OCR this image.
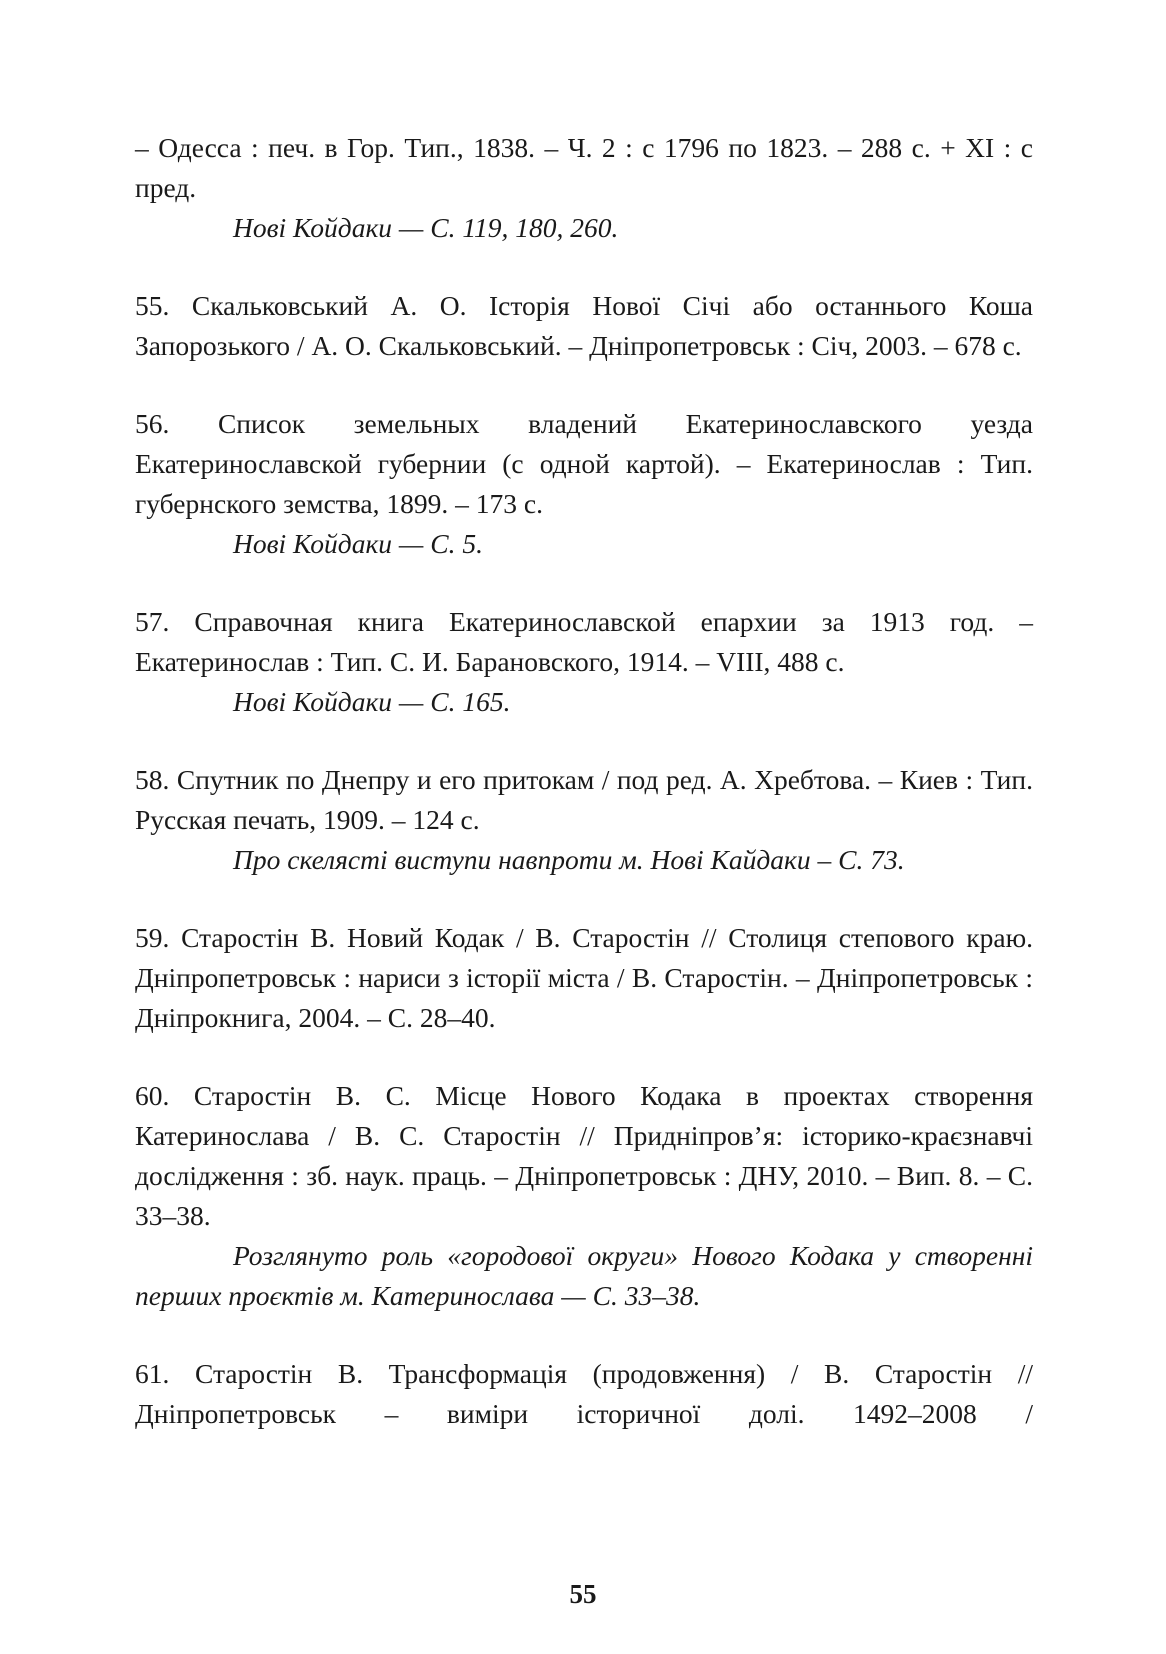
– Одесса : печ. в Гор. Тип., 1838. – Ч. 2 : с 1796 по 1823. – 288 с. + XI : с пред.

Нові Койдаки — С. 119, 180, 260.

55. Скальковський А. О. Історія Нової Січі або останнього Коша Запорозького / А. О. Скальковський. – Дніпропетровськ : Січ, 2003. – 678 с.

56. Список земельных владений Екатеринославского уезда Екатеринославской губернии (с одной картой). – Екатеринослав : Тип. губернского земства, 1899. – 173 с.

Нові Койдаки — С. 5.

57. Справочная книга Екатеринославской епархии за 1913 год. – Екатеринослав : Тип. С. И. Барановского, 1914. – VIII, 488 с.

Нові Койдаки — С. 165.

58. Спутник по Днепру и его притокам / под ред. А. Хребтова. – Киев : Тип. Русская печать, 1909. – 124 с.

Про скелясті виступи навпроти м. Нові Кайдаки – С. 73.

59. Старостін В. Новий Кодак / В. Старостін // Столиця степового краю. Дніпропетровськ : нариси з історії міста / В. Старостін. – Дніпропетровськ : Дніпрокнига, 2004. – С. 28–40.

60. Старостін В. С. Місце Нового Кодака в проектах створення Катеринослава / В. С. Старостін // Придніпров’я: історико-краєзнавчі дослідження : зб. наук. праць. – Дніпропетровськ : ДНУ, 2010. – Вип. 8. – С. 33–38.

Розглянуто роль «городової округи» Нового Кодака у створенні перших проєктів м. Катеринослава — С. 33–38.

61. Старостін В. Трансформація (продовження) / В. Старостін // Дніпропетровськ – виміри історичної долі. 1492–2008 /

55
